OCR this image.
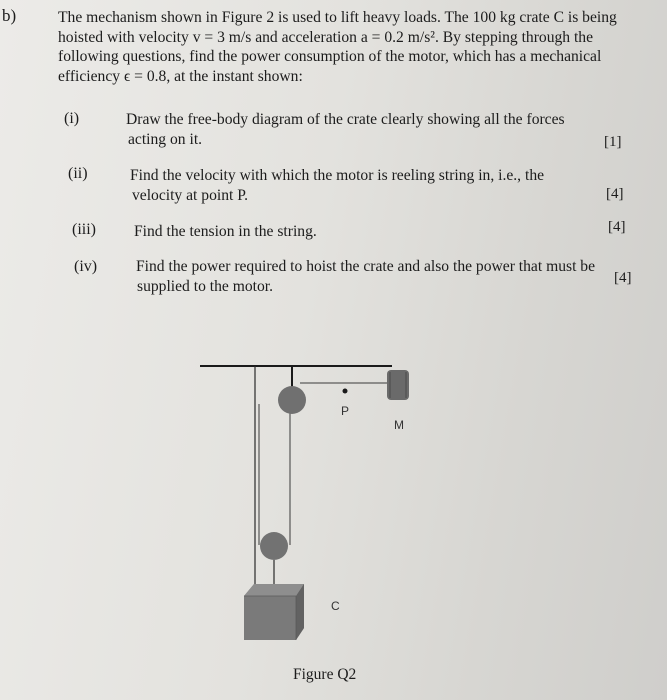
b)	The mechanism shown in Figure 2 is used to lift heavy loads. The 100 kg crate C is being hoisted with velocity v = 3 m/s and acceleration a = 0.2 m/s². By stepping through the following questions, find the power consumption of the motor, which has a mechanical efficiency ϵ = 0.8, at the instant shown:
(i)	Draw the free-body diagram of the crate clearly showing all the forces
acting on it.	[1]
(ii)	Find the velocity with which the motor is reeling string in, i.e., the
velocity at point P.	[4]
(iii) Find the tension in the string.	[4]
(iv) Find the power required to hoist the crate and also the power that must be
supplied to the motor.	[4]
P
M
C
Figure Q2
